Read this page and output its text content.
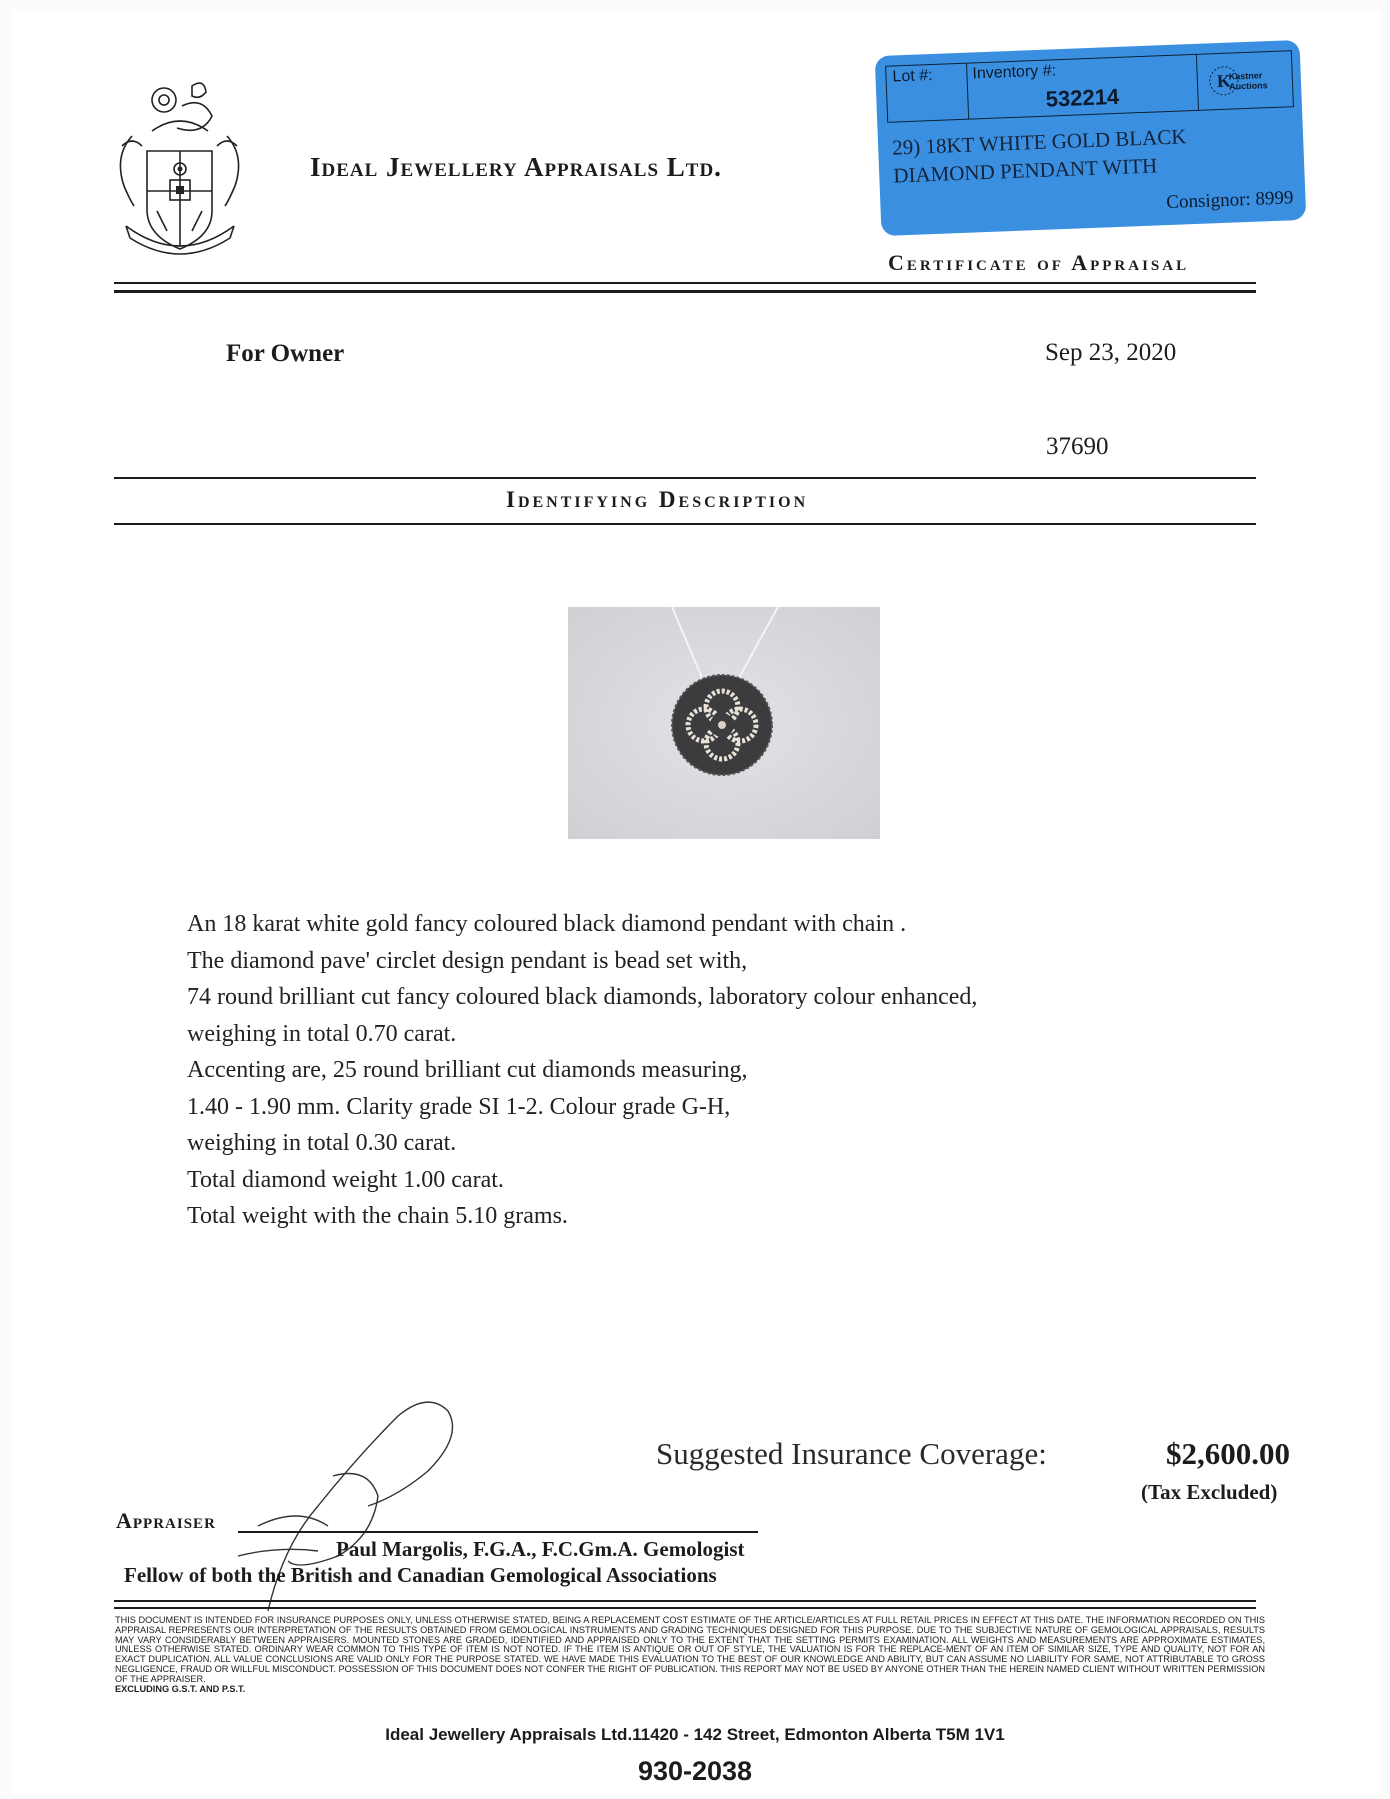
Ideal Jewellery Appraisals Ltd.
Lot #: Inventory #:
532214
K
Kastner Auctions
29) 18KT WHITE GOLD BLACK
DIAMOND PENDANT WITH
Consignor: 8999
Certificate of Appraisal
For Owner	Sep 23, 2020
37690
Identifying Description
An 18 karat white gold fancy coloured black diamond pendant with chain .
The diamond pave' circlet design pendant is bead set with,
74 round brilliant cut fancy coloured black diamonds, laboratory colour enhanced,
weighing in total 0.70 carat.
Accenting are, 25 round brilliant cut diamonds measuring,
1.40 - 1.90 mm. Clarity grade SI 1-2. Colour grade G-H,
weighing in total 0.30 carat.
Total diamond weight 1.00 carat.
Total weight with the chain 5.10 grams.
Suggested Insurance Coverage:	$2,600.00
(Tax Excluded)
Appraiser
Paul Margolis, F.G.A., F.C.Gm.A. Gemologist
Fellow of both the British and Canadian Gemological Associations
THIS DOCUMENT IS INTENDED FOR INSURANCE PURPOSES ONLY, UNLESS OTHERWISE STATED, BEING A REPLACEMENT COST ESTIMATE OF THE ARTICLE/ARTICLES AT FULL RETAIL PRICES IN EFFECT AT THIS DATE. THE INFORMATION RECORDED ON THIS APPRAISAL REPRESENTS OUR INTERPRETATION OF THE RESULTS OBTAINED FROM GEMOLOGICAL INSTRUMENTS AND GRADING TECHNIQUES DESIGNED FOR THIS PURPOSE. DUE TO THE SUBJECTIVE NATURE OF GEMOLOGICAL APPRAISALS, RESULTS MAY VARY CONSIDERABLY BETWEEN APPRAISERS. MOUNTED STONES ARE GRADED, IDENTIFIED AND APPRAISED ONLY TO THE EXTENT THAT THE SETTING PERMITS EXAMINATION. ALL WEIGHTS AND MEASUREMENTS ARE APPROXIMATE ESTIMATES, UNLESS OTHERWISE STATED. ORDINARY WEAR COMMON TO THIS TYPE OF ITEM IS NOT NOTED. IF THE ITEM IS ANTIQUE OR OUT OF STYLE, THE VALUATION IS FOR THE REPLACE-MENT OF AN ITEM OF SIMILAR SIZE, TYPE AND QUALITY, NOT FOR AN EXACT DUPLICATION. ALL VALUE CONCLUSIONS ARE VALID ONLY FOR THE PURPOSE STATED. WE HAVE MADE THIS EVALUATION TO THE BEST OF OUR KNOWLEDGE AND ABILITY, BUT CAN ASSUME NO LIABILITY FOR SAME, NOT ATTRIBUTABLE TO GROSS NEGLIGENCE, FRAUD OR WILLFUL MISCONDUCT. POSSESSION OF THIS DOCUMENT DOES NOT CONFER THE RIGHT OF PUBLICATION. THIS REPORT MAY NOT BE USED BY ANYONE OTHER THAN THE HEREIN NAMED CLIENT WITHOUT WRITTEN PERMISSION OF THE APPRAISER.
EXCLUDING G.S.T. AND P.S.T.
Ideal Jewellery Appraisals Ltd.11420 - 142 Street, Edmonton Alberta T5M 1V1
930-2038
